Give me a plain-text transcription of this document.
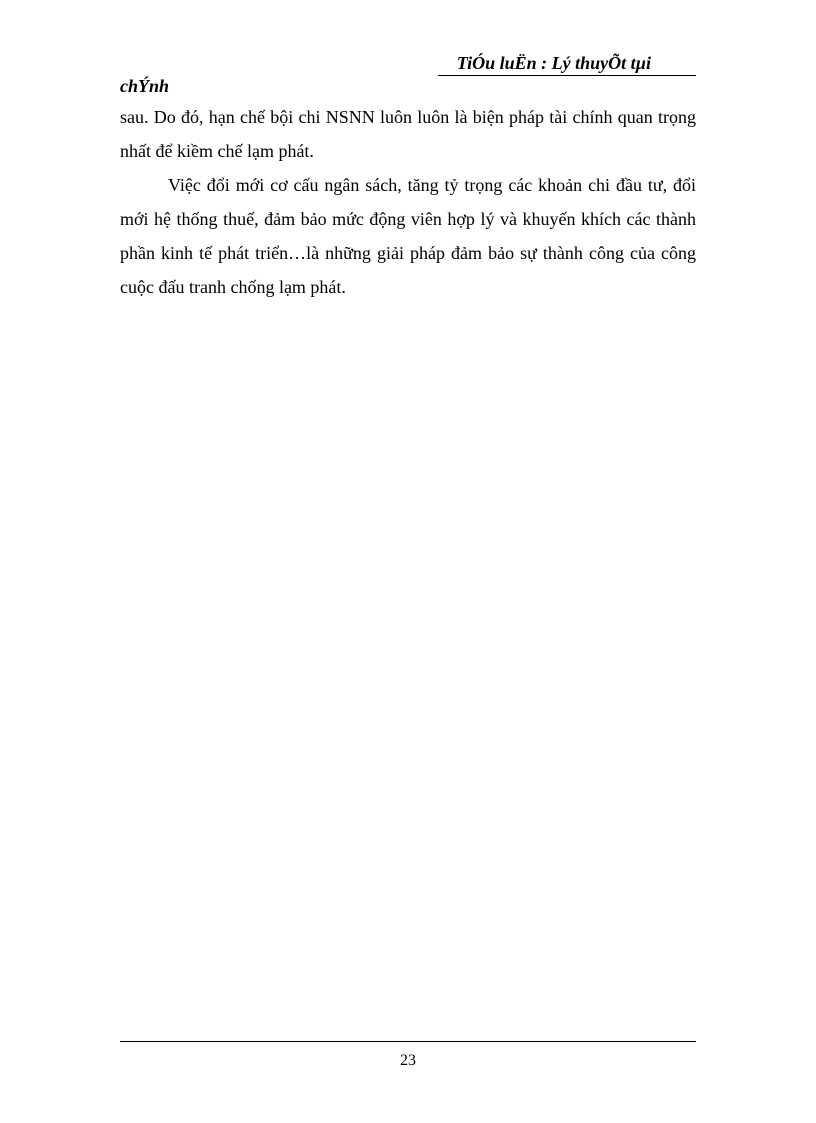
TiÓu luËn : Lý thuyÕt tµi
chÝnh

sau. Do đó, hạn chế bội chi NSNN luôn luôn là biện pháp tài chính quan trọng nhất để kiềm chế lạm phát.

Việc đổi mới cơ cấu ngân sách, tăng tỷ trọng các khoản chi đầu tư, đổi mới hệ thống thuế, đảm bảo mức động viên hợp lý và khuyến khích các thành phần kinh tế phát triển…là những giải pháp đảm bảo sự thành công của công cuộc đấu tranh chống lạm phát.

23
